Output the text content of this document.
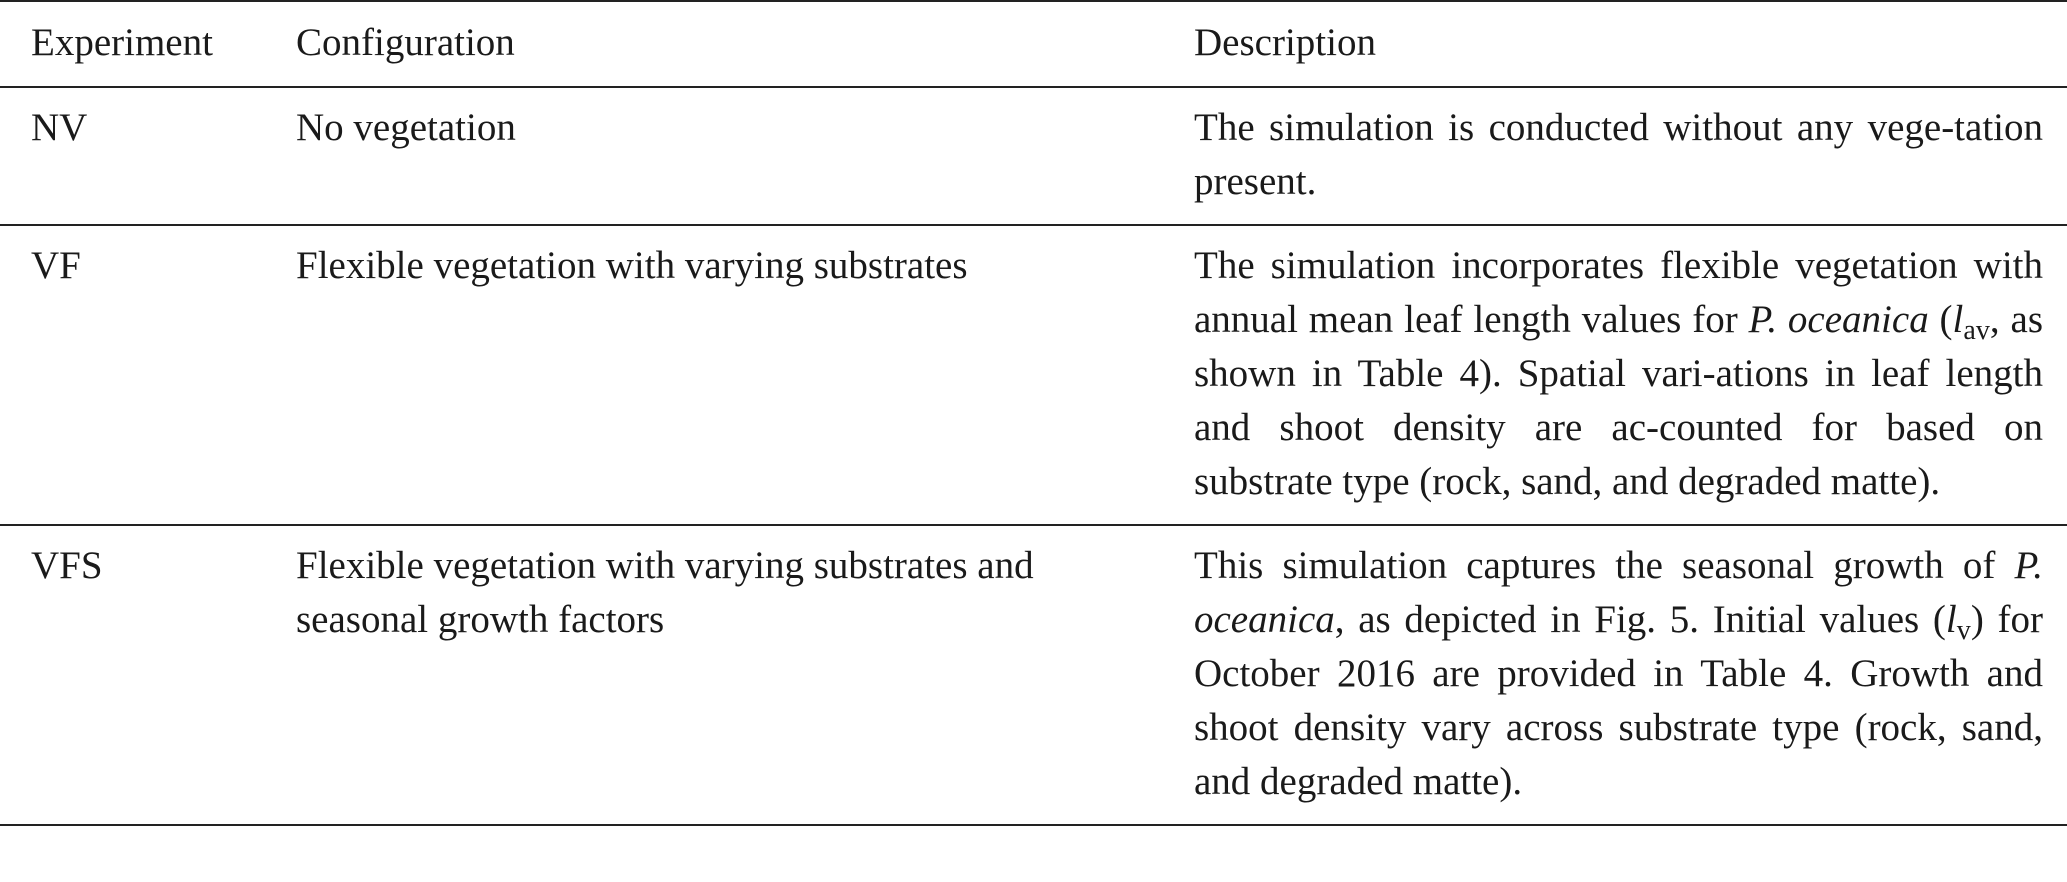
Experiment	Configuration	Description
NV	No vegetation	The simulation is conducted without any vege-tation present.
VF	Flexible vegetation with varying substrates	The simulation incorporates flexible vegetation with annual mean leaf length values for P. oceanica ($l_{av}$, as shown in Table 4). Spatial vari-ations in leaf length and shoot density are ac-counted for based on substrate type (rock, sand, and degraded matte).
VFS	Flexible vegetation with varying substrates and seasonal growth factors	This simulation captures the seasonal growth of P. oceanica, as depicted in Fig. 5. Initial values $(l_v)$ for October 2016 are provided in Table 4. Growth and shoot density vary across substrate type (rock, sand, and degraded matte).
